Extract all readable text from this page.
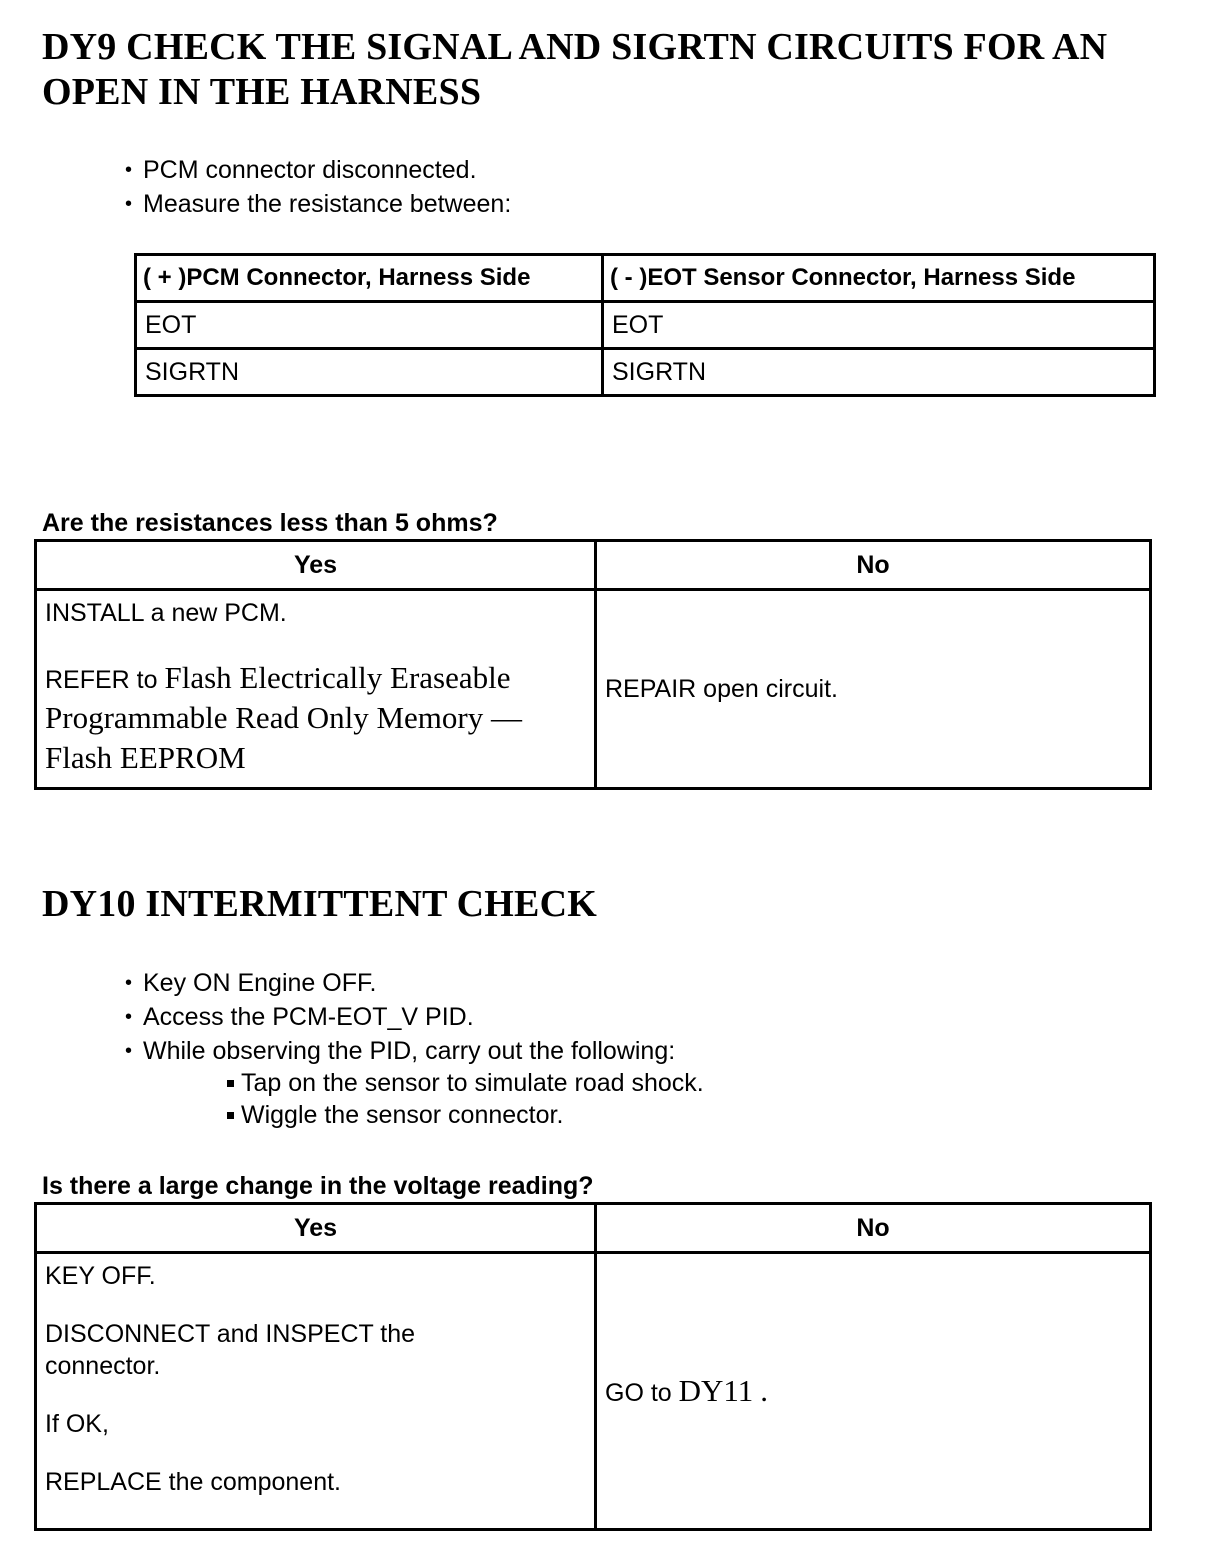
DY9 CHECK THE SIGNAL AND SIGRTN CIRCUITS FOR AN
OPEN IN THE HARNESS
• PCM connector disconnected.
• Measure the resistance between:
( + )PCM Connector, Harness Side	( - )EOT Sensor Connector, Harness Side
EOT	EOT
SIGRTN	SIGRTN
Are the resistances less than 5 ohms?
Yes	No

INSTALL a new PCM.
REFER to Flash Electrically Eraseable
Programmable Read Only Memory —
Flash EEPROM	REPAIR open circuit.
DY10 INTERMITTENT CHECK
• Key ON Engine OFF.
• Access the PCM-EOT_V PID.
• While observing the PID, carry out the following:
Tap on the sensor to simulate road shock.
Wiggle the sensor connector.
Is there a large change in the voltage reading?
Yes	No

KEY OFF.
DISCONNECT and INSPECT the
connector.
If OK,
REPLACE the component.	GO to DY11 .
